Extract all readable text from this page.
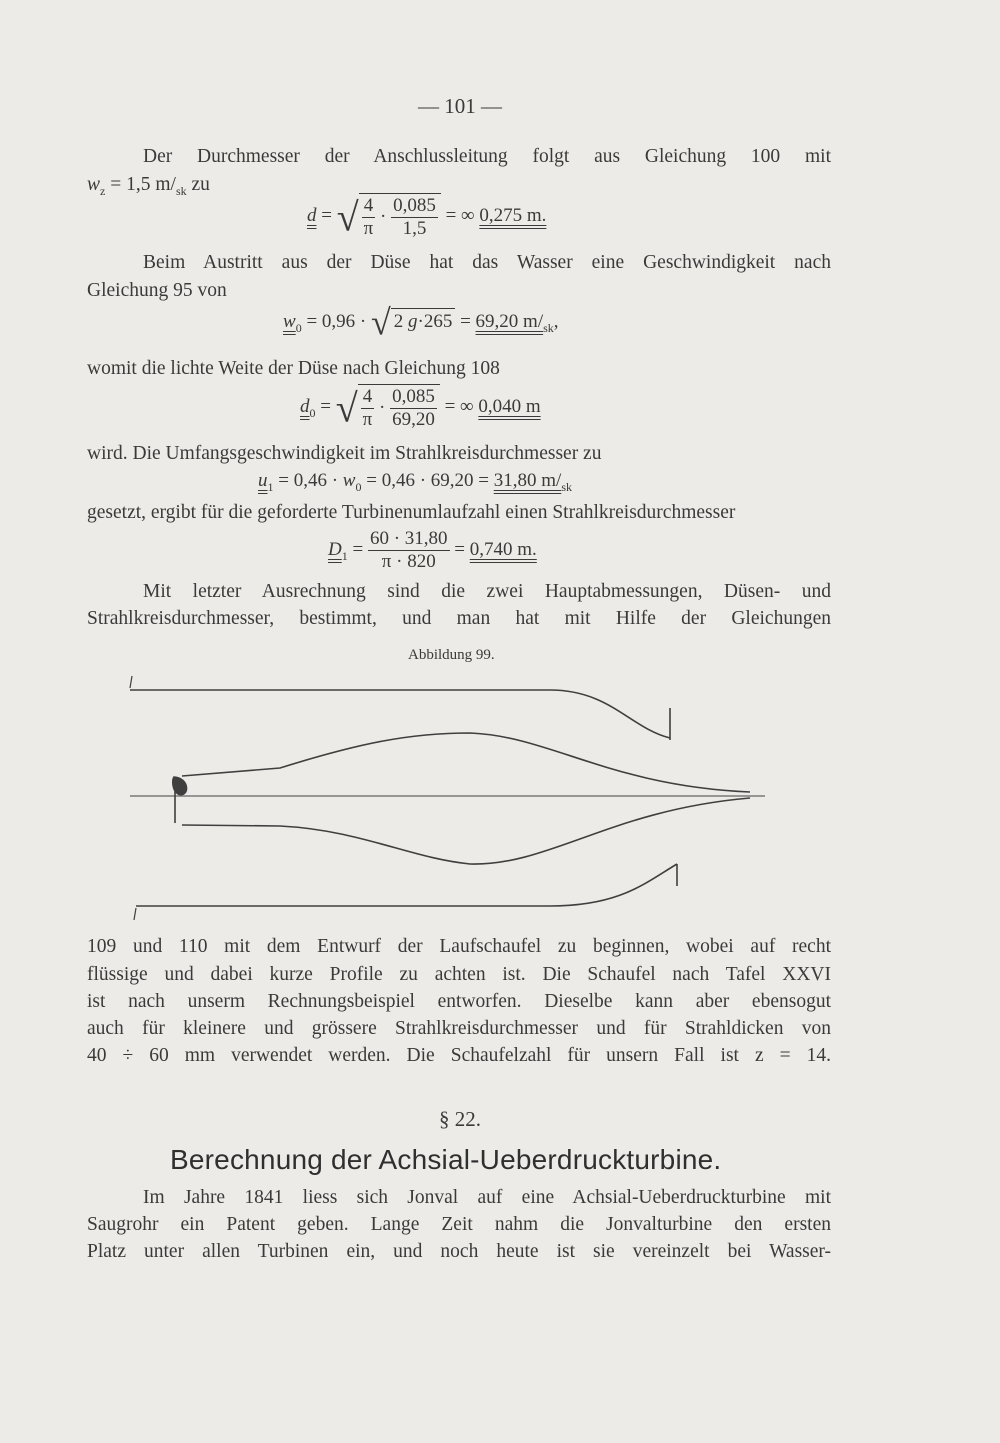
— 101 —
Der Durchmesser der Anschlussleitung folgt aus Gleichung 100 mit
$w_z = 1,5$ $m/_{sk}$ zu
d = √ $\frac{4}{\pi} \cdot \frac{0,085}{1,5}$ = ∞ 0,275 m.
Beim Austritt aus der Düse hat das Wasser eine Geschwindigkeit nach
Gleichung 95 von
$w_0 = 0,96$ · √ 2 g·265 = 69,20 $m/_{sk}$,
womit die lichte Weite der Düse nach Gleichung 108
$d_0$ = √ $\frac{4}{\pi} \cdot \frac{0,085}{69,20}$ = ∞ 0,040 m
wird. Die Umfangsgeschwindigkeit im Strahlkreisdurchmesser zu
$u_1 = 0,46 \cdot w_0 = 0,46 \cdot 69,20 = 31,80$ $m/_{sk}$
gesetzt, ergibt für die geforderte Turbinenumlaufzahl einen Strahlkreisdurchmesser
$D_1 = \frac{60 \cdot 31,80}{\pi \cdot 820} = 0,740$ m.
Mit letzter Ausrechnung sind die zwei Hauptabmessungen, Düsen- und
Strahlkreisdurchmesser, bestimmt, und man hat mit Hilfe der Gleichungen
Abbildung 99.
109 und 110 mit dem Entwurf der Laufschaufel zu beginnen, wobei auf recht
flüssige und dabei kurze Profile zu achten ist. Die Schaufel nach Tafel XXVI
ist nach unserm Rechnungsbeispiel entworfen. Dieselbe kann aber ebensogut
auch für kleinere und grössere Strahlkreisdurchmesser und für Strahldicken von
40 ÷ 60 mm verwendet werden. Die Schaufelzahl für unsern Fall ist z = 14.
§ 22.
Berechnung der Achsial-Ueberdruckturbine.
Im Jahre 1841 liess sich Jonval auf eine Achsial-Ueberdruckturbine mit
Saugrohr ein Patent geben. Lange Zeit nahm die Jonvalturbine den ersten
Platz unter allen Turbinen ein, und noch heute ist sie vereinzelt bei Wasser-
